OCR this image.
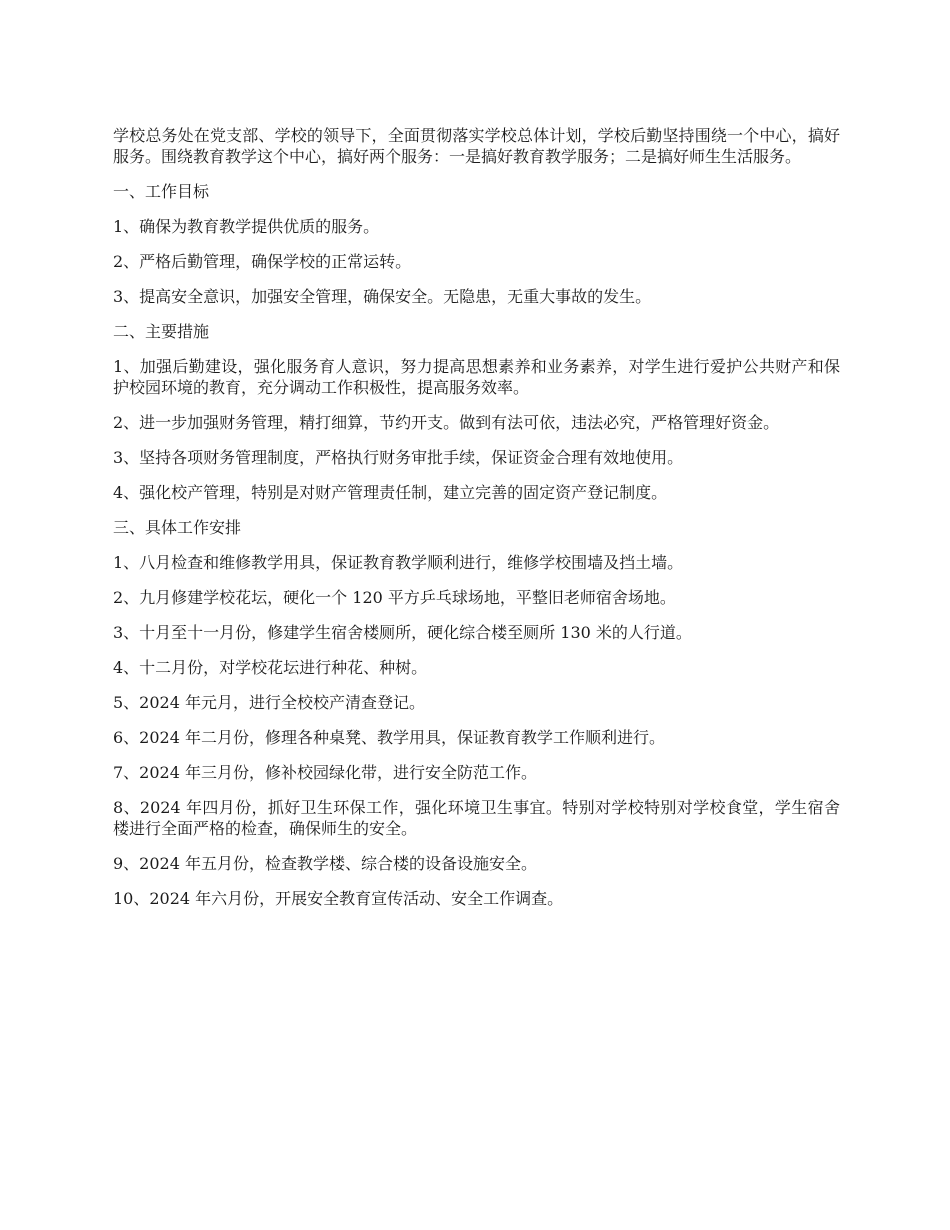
学校总务处在党支部、学校的领导下，全面贯彻落实学校总体计划，学校后勤坚持围绕一个中心，搞好服务。围绕教育教学这个中心，搞好两个服务：一是搞好教育教学服务；二是搞好师生生活服务。

一、工作目标

1、确保为教育教学提供优质的服务。

2、严格后勤管理，确保学校的正常运转。

3、提高安全意识，加强安全管理，确保安全。无隐患，无重大事故的发生。

二、主要措施

1、加强后勤建设，强化服务育人意识，努力提高思想素养和业务素养，对学生进行爱护公共财产和保护校园环境的教育，充分调动工作积极性，提高服务效率。

2、进一步加强财务管理，精打细算，节约开支。做到有法可依，违法必究，严格管理好资金。

3、坚持各项财务管理制度，严格执行财务审批手续，保证资金合理有效地使用。

4、强化校产管理，特别是对财产管理责任制，建立完善的固定资产登记制度。

三、具体工作安排

1、八月检查和维修教学用具，保证教育教学顺利进行，维修学校围墙及挡土墙。

2、九月修建学校花坛，硬化一个 120 平方乒乓球场地，平整旧老师宿舍场地。

3、十月至十一月份，修建学生宿舍楼厕所，硬化综合楼至厕所 130 米的人行道。

4、十二月份，对学校花坛进行种花、种树。

5、2024 年元月，进行全校校产清查登记。

6、2024 年二月份，修理各种桌凳、教学用具，保证教育教学工作顺利进行。

7、2024 年三月份，修补校园绿化带，进行安全防范工作。

8、2024 年四月份，抓好卫生环保工作，强化环境卫生事宜。特别对学校特别对学校食堂，学生宿舍楼进行全面严格的检查，确保师生的安全。

9、2024 年五月份，检查教学楼、综合楼的设备设施安全。

10、2024 年六月份，开展安全教育宣传活动、安全工作调查。
